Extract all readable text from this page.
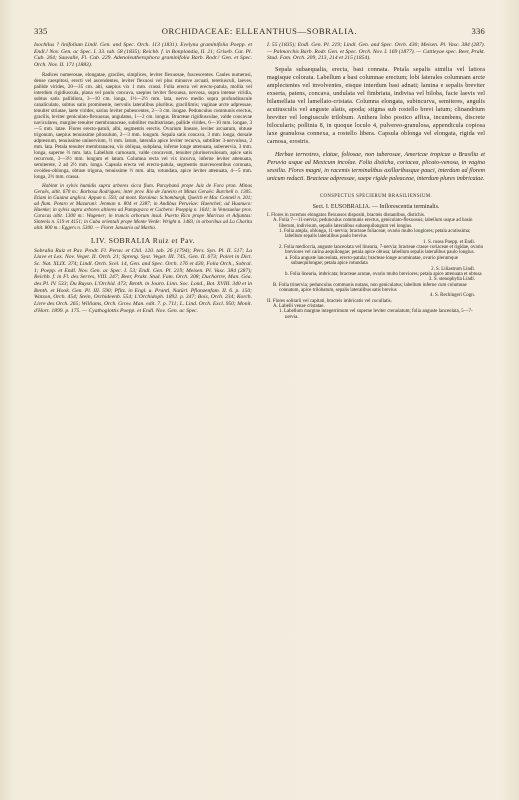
335	ORCHIDACEAE: ELLEANTHUS—SOBRALIA.	336

Isochilus ? linifolium Lindl. Gen. and Spec. Orch. 113 (1831). Evelyna graminifolia Poepp. et Endl.! Nov. Gen. ac Spec. I. 33. tab. 58 (1835); Reichb. f. in Bonplandia, II. 21; Griseb. Cat. Pl. Cub. 264; Sauvalle, Fl. Cub. 229. Adenoleutherophora graminifolia Barb. Rodr.! Gen. et Spec. Orch. Nov. II. 171 (1883).

Radices numerosae, elongatae, graciles, simplices, leviter flexuosae, fuscescentes. Caules numerosi, dense caespitosi, erecti vel ascendentes, leviter flexuosi vel plus minusve arcuati, teretiusculi, laeves, pallide virides, 20—35 cm. alti, saepius vix 1 mm. crassi. Folia erecta vel erecto-patula, mollia vel interdum rigidiuscula, plana vel paulo concava, saepius leviter flexuosa, nervosa, supra intense viridia, subtus satis pallidiora, 3—10 cm. longa, 1½—2½ mm. lata, nervo medio supra profundiuscule canaliculato, subtus satis prominente, nervulis lateralibus pluribus, gracillimis; vaginae arcte adpressae, tenuiter striatae, laete virides, sarius leviter pubescentes, 2—3 cm. longae. Pedunculus communis erectus, gracilis, leviter geniculato-flexuosus, angulatus, 1—2 cm. longus. Bracteae rigidiusculae, valde concavae naviculares, margine tenuiter membranaceae, subtiliter multistriatae, pallide virides, 6—10 mm. longae, 3—5 mm. latae. Flores erecto-patuli, albi, segmentis erectis. Ovarium lineare, leviter arcuatum, obtuse trigonum, saepius tenuissime pilosulum, 2—3 mm. longum. Sepala satis concava, 3 mm. longa, dorsale adpressum, tenuissime uninervium, ½ mm. latum, lateralia apice leviter recurva, subtiliter 3-nervulosa, 2 mm. lata. Petala tenuiter membranacea, vix obliqua, subplana, inferne longe attenuata, subenervia, 3 mm. longa, superne ⅔ mm. lata. Labellum carnosum, valde concavum, tenuiter plurinervulosum, apice satis recurvum, 3—3½ mm. longum et latum. Columna recta vel vix incurva, inferne leviter attenuata, semiterete, 2 ad 2½ mm. longa. Capsula erecta vel erecto-patula, segmentis marcescentibus coronata, ovoideo-oblonga, obtuse trigona, tenuissime ½ mm. alta, rotundata, apice leviter attenuata, 4—5 mm. longa, 2½ mm. crassa.

Habitat in sylvis humidis supra arbores sicca fium. Paraybaná prope Juiz de Fora pron. Minas Geraës, altit. 670 m.: Barbosa Rodrigues; inter prov. Rio de Janeiro et Minas Geraës: Burchell n. 1305. Etiam in Guiana anglica: Appun n. 593; ad mont. Roraima: Schomburgk, Quelch et Mac Connell n. 201; ad flum. Potaro et Mazaruni: Jenman n. 804 et 2387; in Andibus Peruviae: Haenchel; ad Huanuco: Haenke; in sylvis supra arbores altiores ad Pampayaco et Cuchero: Poeppig n. 1641; in Venezuelae prov. Caracas altit. 1300 m.: Wagener; in truncis arborum insul. Puerto Rico prope Maricao et Adjuntas: Sintenis n. 519 et 4151; in Cuba orientali prope Monte Verde: Wright n. 1483; in arboribus ad La Charita altit. 800 m.: Eggers n. 5300. — Floret Januario ad Martio.

LIV. SOBRALIA Ruiz et Pav.

Sobralia Ruiz et Pav. Prodr. Fl. Peruv. et Chil. 120. tab. 26 (1794); Pers. Syn. Pl. II. 517; La Llave et Lex. Nov. Veget. II. Orch. 21; Spreng. Syst. Veget. III. 745, Gen. II. 673; Poiret in Dict. Sc. Nat. XLIX. 374; Lindl. Orch. Scel. 14, Gen. and Spec. Orch. 176 et 430, Folia Orch., Sobral. 1; Poepp. et Endl. Nov. Gen. ac Spec. I. 53; Endl. Gen. Pl. 219; Meisen. Pl. Vasc. 384 (287); Reichb. f. in Fl. des Serres, VIII. 247; Beer, Prakt. Stud. Fam. Orch. 308; Duchartre, Man. Géa. des Pl. IV. 533; Du Buysn. L'Orchid. 473; Benth. in Journ. Linn. Soc. Lond., Bot. XVIII. 340 et in Benth. et Hook. Gen. Pl. III. 590; Pfitz. in Engl. u. Prantl, Natürl. Pflanzenfam. II. 6. p. 150; Watson, Orch. 454; Stein, Orchideenb. 554; L'Orchidoph. 1892. p. 347; Bois, Orch. 234; Korch. Livre des Orch. 265; Williams, Orch. Grow. Man. edit. 7. p. 711; L. Lind. Orch. Excl. 950; Monit. d'Hort. 1899. p. 175. — Cyathoglottis Poepp. et Endl. Nov. Gen. ac Spec.

I. 55 (1835); Endl. Gen. Pl. 219; Lindl. Gen. and Spec. Orch. 430; Meisen. Pl. Vasc. 384 (287). — Palmorchis Barb. Rodr. Gen. et Spec. Orch. Nov. I. 169 (1877). — Cattleyae spec. Beer, Prakt. Stud. Fam. Orch. 209, 213, 214 et 215 (1854).

Sepala subaequalia, erecta, basi connata. Petala sepalis similia vel latiora magisque colorata. Labellum a basi columnae erectum; lobi laterales columnam arcte amplectentes vel involventes, eisque interdum basi adnati; lamina e sepalis breviter exserta, patens, concava, undulata vel fimbriata, indivisa vel biloba, facie laevis vel bilamellata vel lamellato-cristata. Columna elongata, subincurva, semiteres, angulis acutiusculis vel anguste alatis, apoda; stigma sub rostello brevi latum; clinandrium breviter vel longiuscule trilobum. Anthera lobo postico affixa, incumbens, discrete bilocularis; pollinia 8, in quoque loculo 4, pulvereo-granulosa, appendicula copiosa laxe granulosa connexa, a rostello libera. Capsula oblonga vel elongata, rigida vel carnosa, erostris.

Herbae terrestres, elatae, foliosae, non tuberosae, Americae tropicae a Brasilia et Peruvia usque ad Mexicum incolae. Folia disticha, coriacea, plicato-venosa, in vagina sessilia. Flores magni, in racemis terminalibus axillaribusque pauci, interdum ad florem unicum reducti. Bracteae adpressae, saepe rigide paleaceae, interdum plures imbricatae.

CONSPECTUS SPECIERUM BRASILIENSIUM.

Sect. I. EUSOBRALIA. — Inflorescentia terminalis.

I. Flores in racemos elongatos flexuosos dispositi, bracteis distantibus, distichis.

A. Folia 7—11-nervia; pedunculus communis erectus, geniculato-flexuosus; labellum usque ad basin liberum, indivisum, sepalis lateralibus subaequilongum vel longius.

1. Folia ampla, oblonga, 11-nervia; bracteae foliaceae, ovario multo longiores; petala acutissima; labellum sepalis lateralibus paulo brevius

1. S. rosea Poepp. et Endl.

2. Folia mediocria, anguste lanceolata vel linearia, 7-nervia; bracteae crasse coriaceae et rigidae, ovario breviores vel carina aequilongae; petala apice obtusa; labellum sepalis lateralibus paulo longius.

a. Folia anguste lanceolata, erecto-patula; bracteae longe acuminatae, ovario plerumque subaequilongae; petala apice rotundata

2. S. Liliastrum Lindl.

b. Folia linearia, imbricata; bracteae acutae, ovario multo breviores; petala apice attenuata et obtusa

3. S. stenophylla Lindl.

B. Folia trinervia; pedunculus communis nutans, non geniculatus; labellum inferne cum columnae connatum, apice trilobatum, sepalis lateralibus satis brevius

4. S. Rechingeri Cogn.

II. Flores solitarii vel capitati, bracteis imbricatis vel cucullatis.

A. Labelli venae cristatae.

1. Labellum margine integerrimum vel superne leviter crenulatum; folia anguste lanceolata, 5—7-nervia.
